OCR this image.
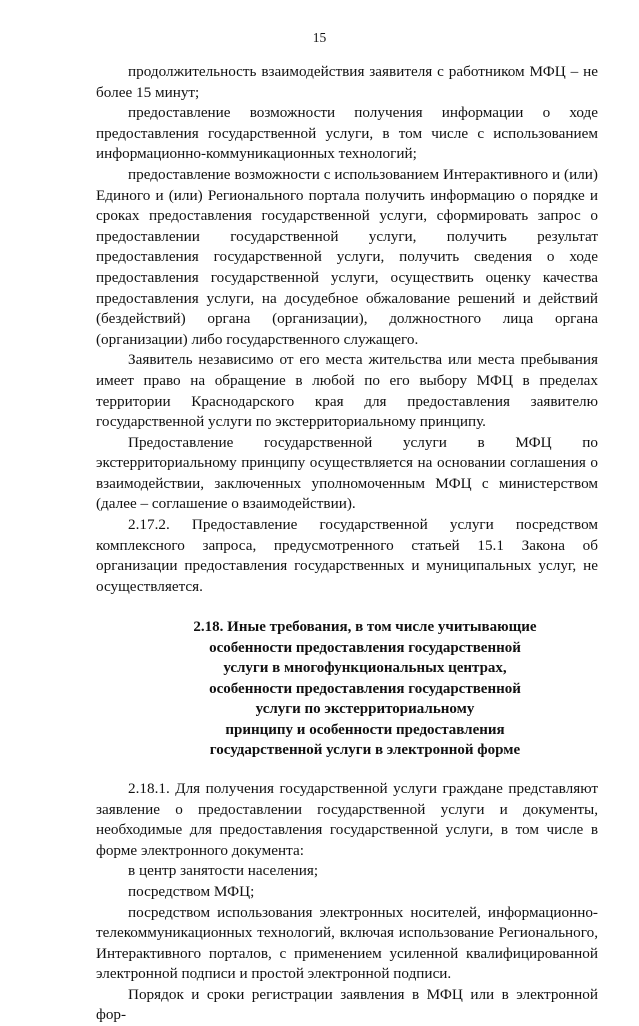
15

продолжительность взаимодействия заявителя с работником МФЦ – не более 15 минут;

предоставление возможности получения информации о ходе предоставления государственной услуги, в том числе с использованием информационно-коммуникационных технологий;

предоставление возможности с использованием Интерактивного и (или) Единого и (или) Регионального портала получить информацию о порядке и сроках предоставления государственной услуги, сформировать запрос о предоставлении государственной услуги, получить результат предоставления государственной услуги, получить сведения о ходе предоставления государственной услуги, осуществить оценку качества предоставления услуги, на досудебное обжалование решений и действий (бездействий) органа (организации), должностного лица органа (организации) либо государственного служащего.

Заявитель независимо от его места жительства или места пребывания имеет право на обращение в любой по его выбору МФЦ в пределах территории Краснодарского края для предоставления заявителю государственной услуги по экстерриториальному принципу.

Предоставление государственной услуги в МФЦ по экстерриториальному принципу осуществляется на основании соглашения о взаимодействии, заключенных уполномоченным МФЦ с министерством (далее – соглашение о взаимодействии).

2.17.2. Предоставление государственной услуги посредством комплексного запроса, предусмотренного статьей 15.1 Закона об организации предоставления государственных и муниципальных услуг, не осуществляется.

2.18. Иные требования, в том числе учитывающие
особенности предоставления государственной
услуги в многофункциональных центрах,
особенности предоставления государственной
услуги по экстерриториальному
принципу и особенности предоставления
государственной услуги в электронной форме

2.18.1. Для получения государственной услуги граждане представляют заявление о предоставлении государственной услуги и документы, необходимые для предоставления государственной услуги, в том числе в форме электронного документа:

в центр занятости населения;

посредством МФЦ;

посредством использования электронных носителей, информационно-телекоммуникационных технологий, включая использование Регионального, Интерактивного порталов, с применением усиленной квалифицированной электронной подписи и простой электронной подписи.

Порядок и сроки регистрации заявления в МФЦ или в электронной фор-
